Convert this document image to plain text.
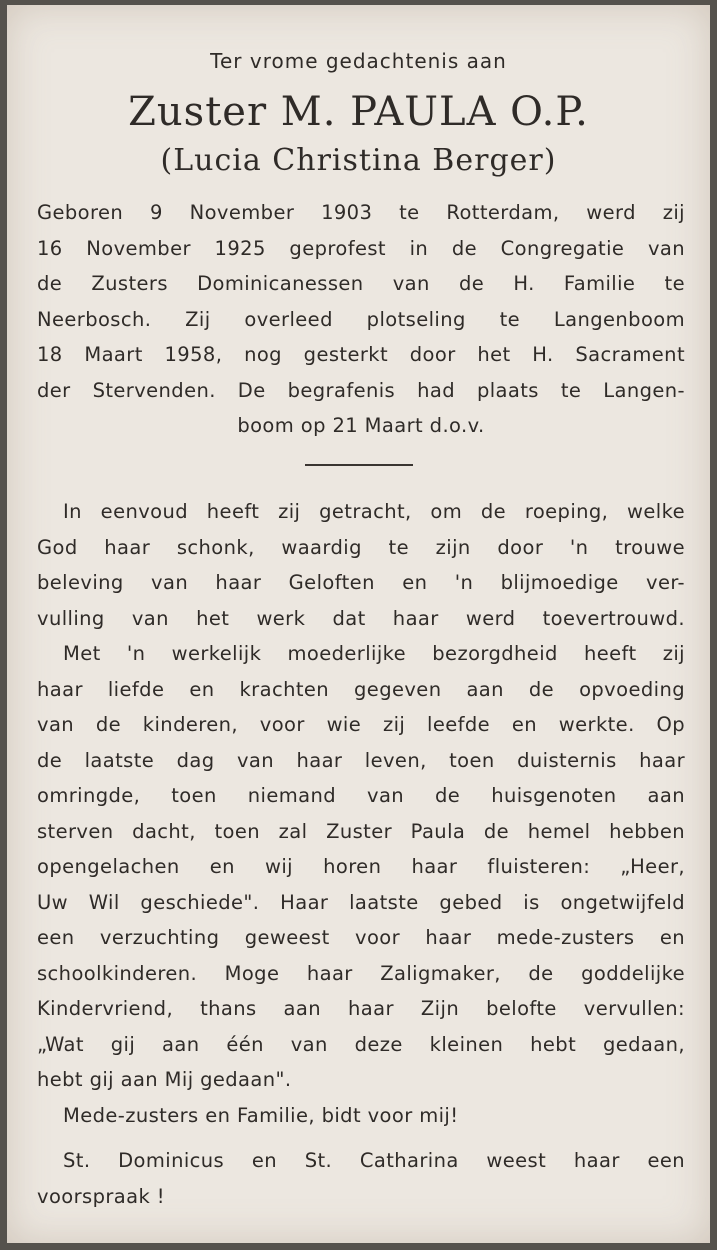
Ter vrome gedachtenis aan
Zuster M. PAULA O.P.
(Lucia Christina Berger)

Geboren 9 November 1903 te Rotterdam, werd zij
16 November 1925 geprofest in de Congregatie van
de Zusters Dominicanessen van de H. Familie te
Neerbosch. Zij overleed plotseling te Langenboom
18 Maart 1958, nog gesterkt door het H. Sacrament
der Stervenden. De begrafenis had plaats te Langen-
boom op 21 Maart d.o.v.

In eenvoud heeft zij getracht, om de roeping, welke
God haar schonk, waardig te zijn door 'n trouwe
beleving van haar Geloften en 'n blijmoedige ver-
vulling van het werk dat haar werd toevertrouwd.

Met 'n werkelijk moederlijke bezorgdheid heeft zij
haar liefde en krachten gegeven aan de opvoeding
van de kinderen, voor wie zij leefde en werkte. Op
de laatste dag van haar leven, toen duisternis haar
omringde, toen niemand van de huisgenoten aan
sterven dacht, toen zal Zuster Paula de hemel hebben
opengelachen en wij horen haar fluisteren: „Heer,
Uw Wil geschiede". Haar laatste gebed is ongetwijfeld
een verzuchting geweest voor haar mede-zusters en
schoolkinderen. Moge haar Zaligmaker, de goddelijke
Kindervriend, thans aan haar Zijn belofte vervullen:
„Wat gij aan één van deze kleinen hebt gedaan,
hebt gij aan Mij gedaan".

Mede-zusters en Familie, bidt voor mij!

St. Dominicus en St. Catharina weest haar een
voorspraak !
